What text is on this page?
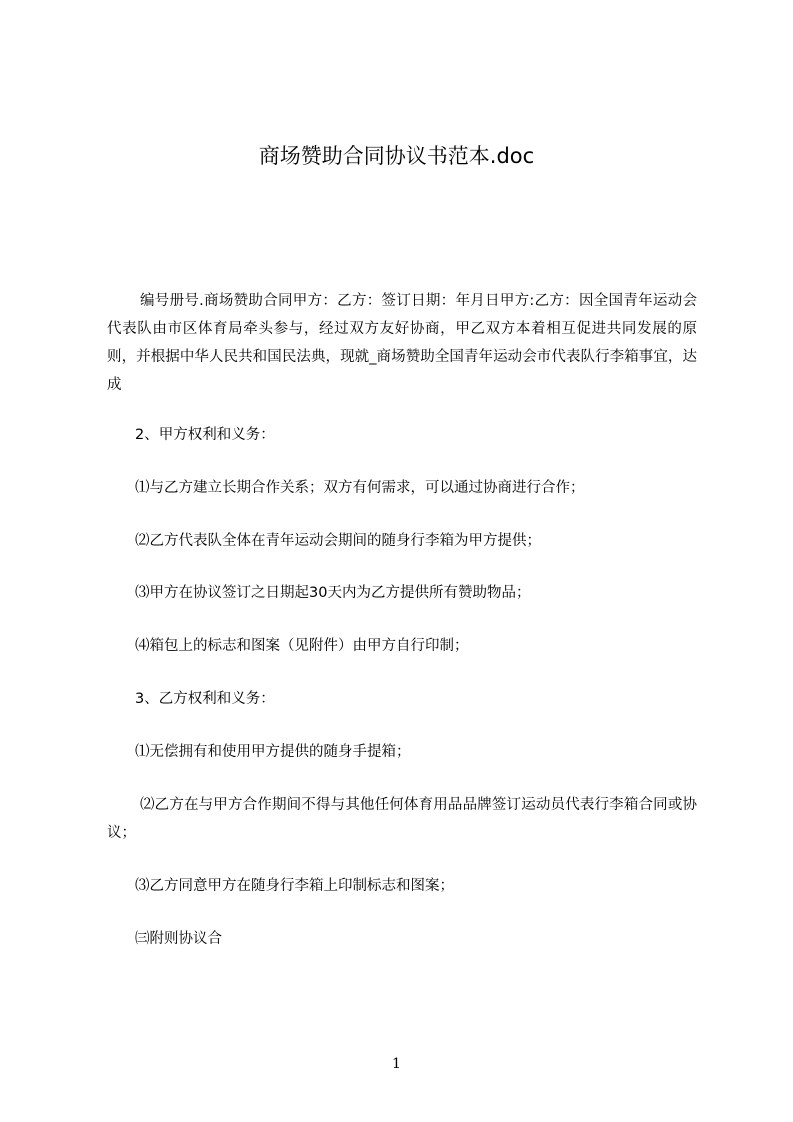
商场赞助合同协议书范本.doc

编号册号.商场赞助合同甲方：乙方：签订日期：年月日甲方:乙方：因全国青年运动会代表队由市区体育局牵头参与，经过双方友好协商，甲乙双方本着相互促进共同发展的原则，并根据中华人民共和国民法典，现就_商场赞助全国青年运动会市代表队行李箱事宜，达成

2、甲方权利和义务：
⑴与乙方建立长期合作关系；双方有何需求，可以通过协商进行合作；
⑵乙方代表队全体在青年运动会期间的随身行李箱为甲方提供；
⑶甲方在协议签订之日期起30天内为乙方提供所有赞助物品；
⑷箱包上的标志和图案（见附件）由甲方自行印制；
3、乙方权利和义务：
⑴无偿拥有和使用甲方提供的随身手提箱；
⑵乙方在与甲方合作期间不得与其他任何体育用品品牌签订运动员代表行李箱合同或协议；
⑶乙方同意甲方在随身行李箱上印制标志和图案；
㈢附则协议合
1
